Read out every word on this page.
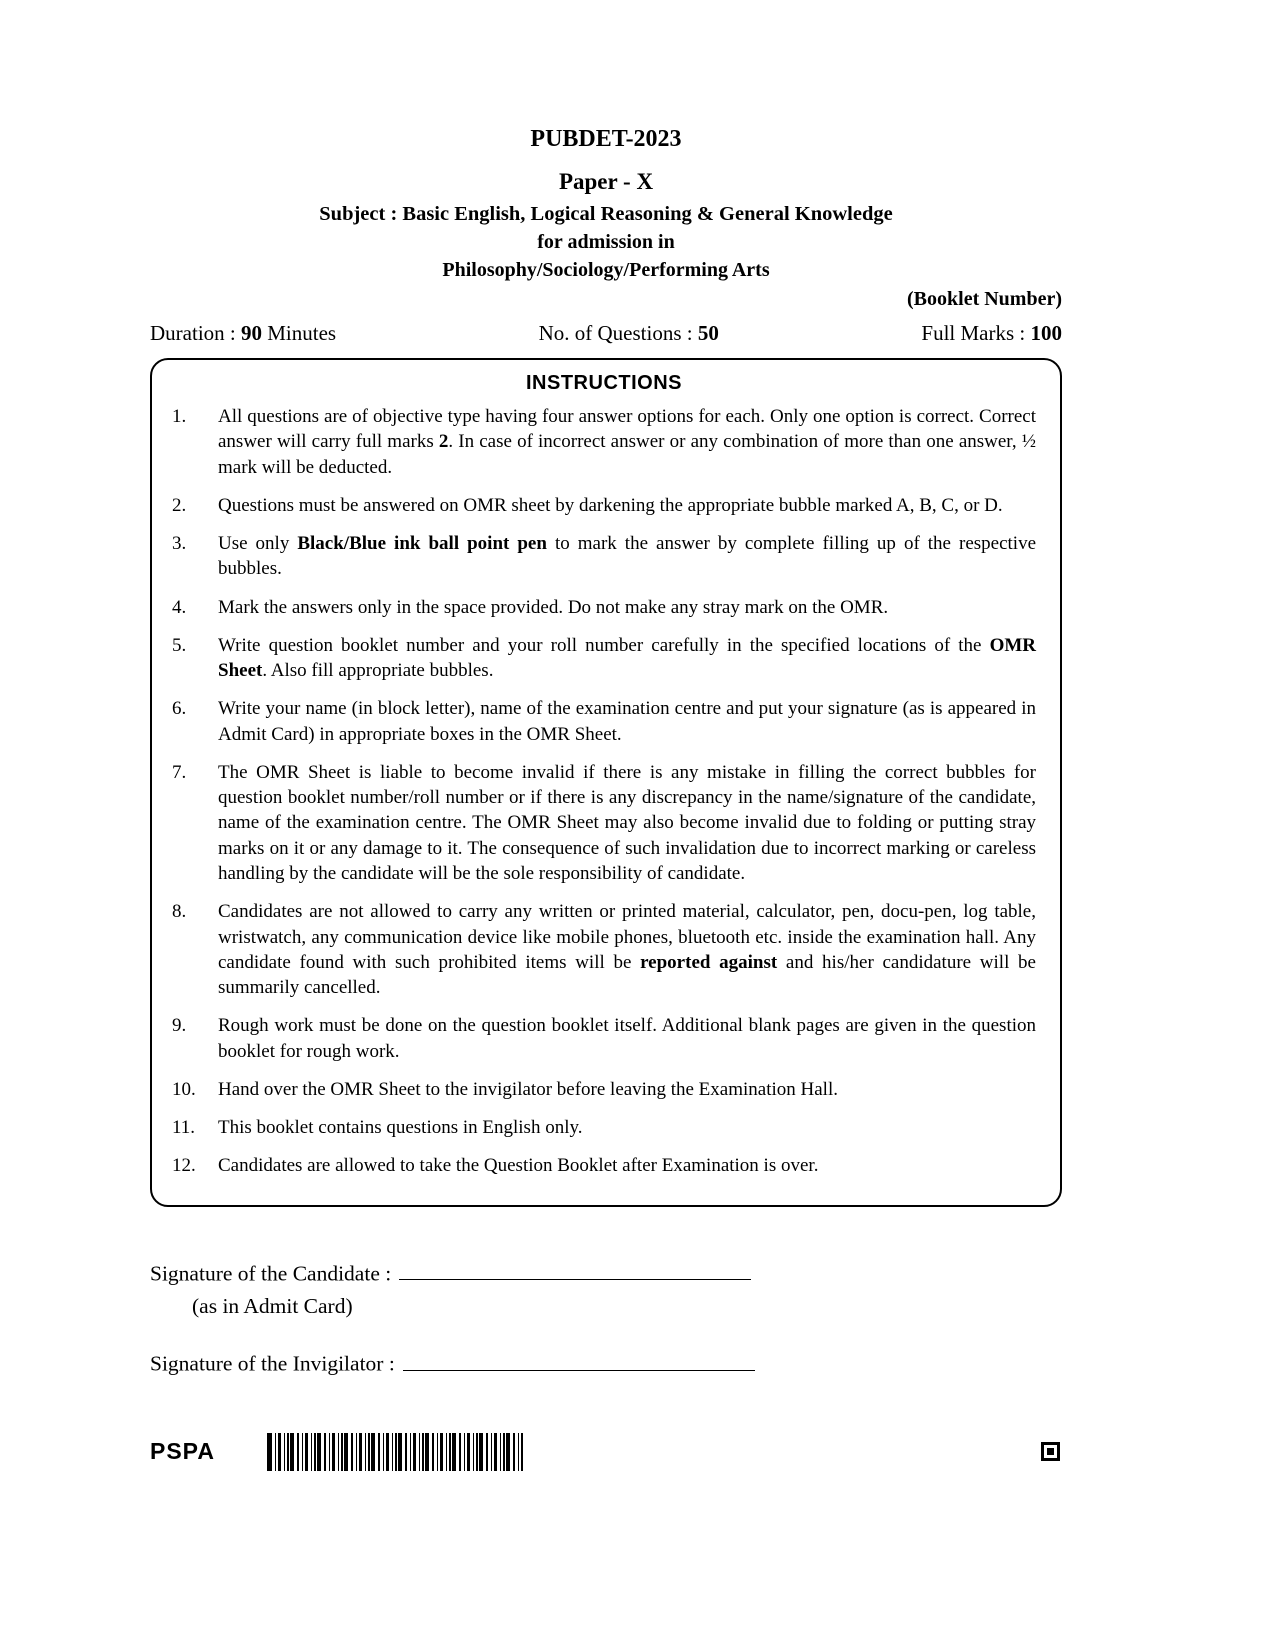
PUBDET-2023
Paper - X
Subject : Basic English, Logical Reasoning & General Knowledge
for admission in
Philosophy/Sociology/Performing Arts
(Booklet Number)
Duration : 90 Minutes	No. of Questions : 50	Full Marks : 100
INSTRUCTIONS
1.	All questions are of objective type having four answer options for each. Only one option is correct. Correct answer will carry full marks 2. In case of incorrect answer or any combination of more than one answer, ½ mark will be deducted.
2.	Questions must be answered on OMR sheet by darkening the appropriate bubble marked A, B, C, or D.
3.	Use only Black/Blue ink ball point pen to mark the answer by complete filling up of the respective bubbles.
4.	Mark the answers only in the space provided. Do not make any stray mark on the OMR.
5.	Write question booklet number and your roll number carefully in the specified locations of the OMR Sheet. Also fill appropriate bubbles.
6.	Write your name (in block letter), name of the examination centre and put your signature (as is appeared in Admit Card) in appropriate boxes in the OMR Sheet.
7.	The OMR Sheet is liable to become invalid if there is any mistake in filling the correct bubbles for question booklet number/roll number or if there is any discrepancy in the name/signature of the candidate, name of the examination centre. The OMR Sheet may also become invalid due to folding or putting stray marks on it or any damage to it. The consequence of such invalidation due to incorrect marking or careless handling by the candidate will be the sole responsibility of candidate.
8.	Candidates are not allowed to carry any written or printed material, calculator, pen, docu-pen, log table, wristwatch, any communication device like mobile phones, bluetooth etc. inside the examination hall. Any candidate found with such prohibited items will be reported against and his/her candidature will be summarily cancelled.
9.	Rough work must be done on the question booklet itself. Additional blank pages are given in the question booklet for rough work.
10.	Hand over the OMR Sheet to the invigilator before leaving the Examination Hall.
11.	This booklet contains questions in English only.
12.	Candidates are allowed to take the Question Booklet after Examination is over.
Signature of the Candidate :
(as in Admit Card)
Signature of the Invigilator :
PSPA
